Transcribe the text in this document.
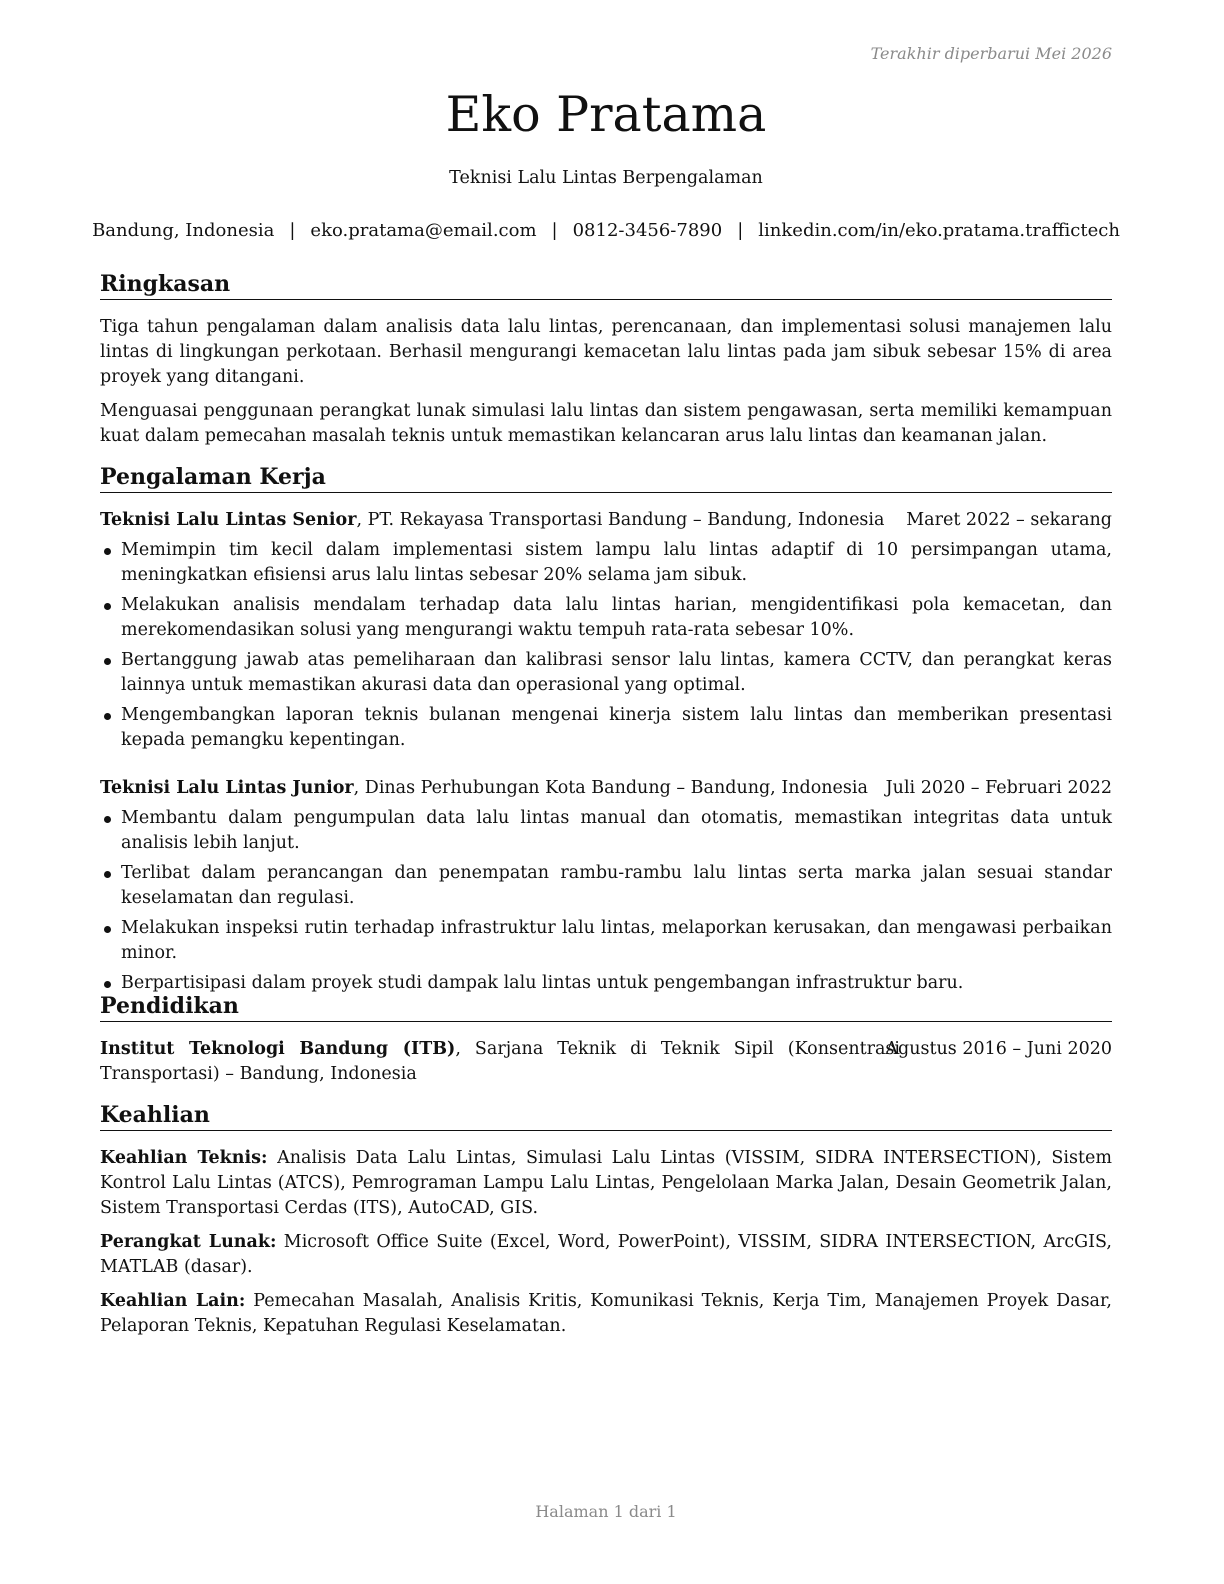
Terakhir diperbarui Mei 2026
Eko Pratama
Teknisi Lalu Lintas Berpengalaman
Bandung, Indonesia | eko.pratama@email.com | 0812-3456-7890 | linkedin.com/in/eko.pratama.traffictech
Ringkasan

Tiga tahun pengalaman dalam analisis data lalu lintas, perencanaan, dan implementasi solusi manajemen lalu lintas di lingkungan perkotaan. Berhasil mengurangi kemacetan lalu lintas pada jam sibuk sebesar 15% di area proyek yang ditangani.

Menguasai penggunaan perangkat lunak simulasi lalu lintas dan sistem pengawasan, serta memiliki kemampuan kuat dalam pemecahan masalah teknis untuk memastikan kelancaran arus lalu lintas dan keamanan jalan.

Pengalaman Kerja
Teknisi Lalu Lintas Senior, PT. Rekayasa Transportasi Bandung – Bandung, Indonesia Maret 2022 – sekarang
Memimpin tim kecil dalam implementasi sistem lampu lalu lintas adaptif di 10 persimpangan utama, meningkatkan efisiensi arus lalu lintas sebesar 20% selama jam sibuk.
Melakukan analisis mendalam terhadap data lalu lintas harian, mengidentifikasi pola kemacetan, dan merekomendasikan solusi yang mengurangi waktu tempuh rata-rata sebesar 10%.
Bertanggung jawab atas pemeliharaan dan kalibrasi sensor lalu lintas, kamera CCTV, dan perangkat keras lainnya untuk memastikan akurasi data dan operasional yang optimal.
Mengembangkan laporan teknis bulanan mengenai kinerja sistem lalu lintas dan memberikan presentasi kepada pemangku kepentingan.
Teknisi Lalu Lintas Junior, Dinas Perhubungan Kota Bandung – Bandung, Indonesia Juli 2020 – Februari 2022
Membantu dalam pengumpulan data lalu lintas manual dan otomatis, memastikan integritas data untuk analisis lebih lanjut.
Terlibat dalam perancangan dan penempatan rambu-rambu lalu lintas serta marka jalan sesuai standar keselamatan dan regulasi.
Melakukan inspeksi rutin terhadap infrastruktur lalu lintas, melaporkan kerusakan, dan mengawasi perbaikan minor.
Berpartisipasi dalam proyek studi dampak lalu lintas untuk pengembangan infrastruktur baru.
Pendidikan
Institut Teknologi Bandung (ITB), Sarjana Teknik di Teknik Sipil (Konsentrasi Transportasi) – Bandung, Indonesia
Agustus 2016 – Juni 2020
Keahlian

Keahlian Teknis: Analisis Data Lalu Lintas, Simulasi Lalu Lintas (VISSIM, SIDRA INTERSECTION), Sistem Kontrol Lalu Lintas (ATCS), Pemrograman Lampu Lalu Lintas, Pengelolaan Marka Jalan, Desain Geometrik Jalan, Sistem Transportasi Cerdas (ITS), AutoCAD, GIS.

Perangkat Lunak: Microsoft Office Suite (Excel, Word, PowerPoint), VISSIM, SIDRA INTERSECTION, ArcGIS, MATLAB (dasar).

Keahlian Lain: Pemecahan Masalah, Analisis Kritis, Komunikasi Teknis, Kerja Tim, Manajemen Proyek Dasar, Pelaporan Teknis, Kepatuhan Regulasi Keselamatan.

Halaman 1 dari 1
